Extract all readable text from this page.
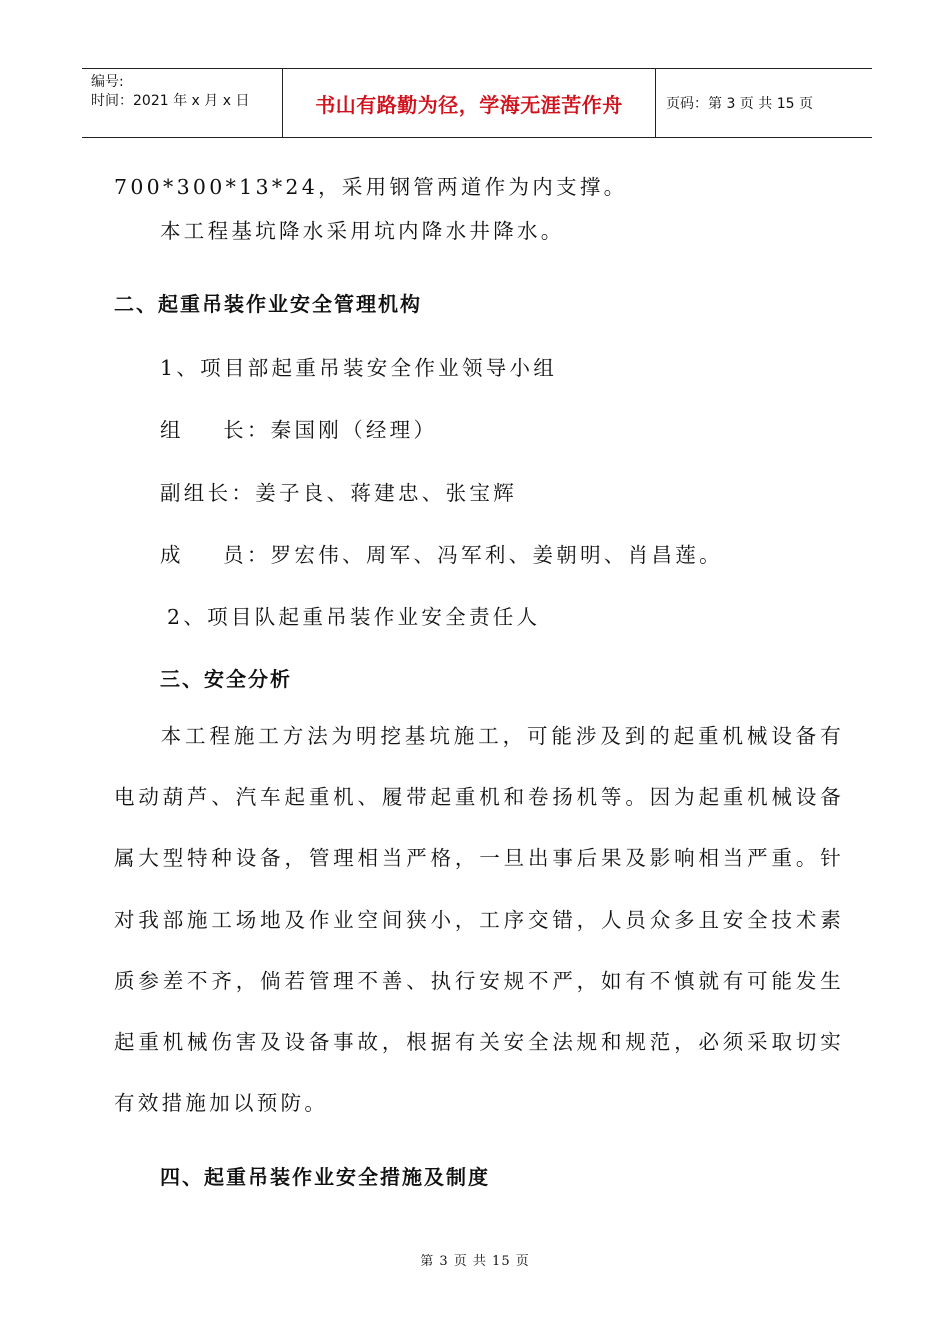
编号:
时间：2021 年 x 月 x 日	书山有路勤为径，学海无涯苦作舟	页码：第 3 页 共 15 页
700*300*13*24，采用钢管两道作为内支撑。
本工程基坑降水采用坑内降水井降水。
二、起重吊装作业安全管理机构
1、项目部起重吊装安全作业领导小组
组    长：秦国刚（经理）
副组长：姜子良、蒋建忠、张宝辉
成    员：罗宏伟、周军、冯军利、姜朝明、肖昌莲。
2、项目队起重吊装作业安全责任人
三、安全分析

本工程施工方法为明挖基坑施工，可能涉及到的起重机械设备有电动葫芦、汽车起重机、履带起重机和卷扬机等。因为起重机械设备属大型特种设备，管理相当严格，一旦出事后果及影响相当严重。针对我部施工场地及作业空间狭小，工序交错，人员众多且安全技术素质参差不齐，倘若管理不善、执行安规不严，如有不慎就有可能发生起重机械伤害及设备事故，根据有关安全法规和规范，必须采取切实有效措施加以预防。

四、起重吊装作业安全措施及制度
第 3 页 共 15 页
